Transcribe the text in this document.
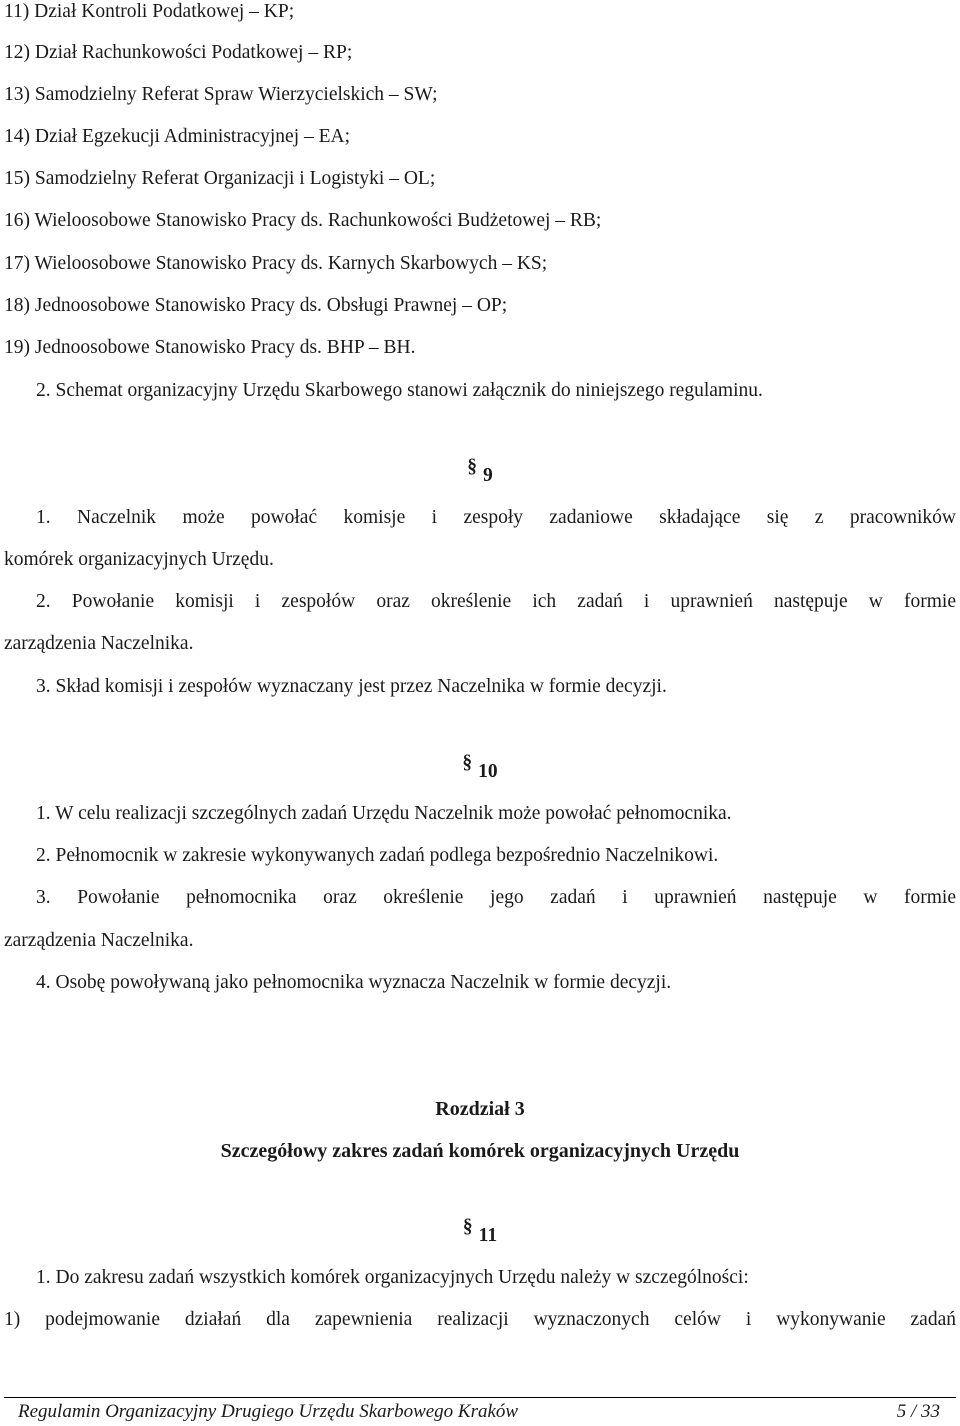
11) Dział Kontroli Podatkowej – KP;
12) Dział Rachunkowości Podatkowej – RP;
13) Samodzielny Referat Spraw Wierzycielskich – SW;
14) Dział Egzekucji Administracyjnej – EA;
15) Samodzielny Referat Organizacji i Logistyki – OL;
16) Wieloosobowe Stanowisko Pracy ds. Rachunkowości Budżetowej – RB;
17) Wieloosobowe Stanowisko Pracy ds. Karnych Skarbowych – KS;
18) Jednoosobowe Stanowisko Pracy ds. Obsługi Prawnej – OP;
19) Jednoosobowe Stanowisko Pracy ds. BHP – BH.
2. Schemat organizacyjny Urzędu Skarbowego stanowi załącznik do niniejszego regulaminu.
§ 9
1. Naczelnik może powołać komisje i zespoły zadaniowe składające się z pracowników
komórek organizacyjnych Urzędu.
2. Powołanie komisji i zespołów oraz określenie ich zadań i uprawnień następuje w formie
zarządzenia Naczelnika.
3. Skład komisji i zespołów wyznaczany jest przez Naczelnika w formie decyzji.
§ 10
1. W celu realizacji szczególnych zadań Urzędu Naczelnik może powołać pełnomocnika.
2. Pełnomocnik w zakresie wykonywanych zadań podlega bezpośrednio Naczelnikowi.
3. Powołanie pełnomocnika oraz określenie jego zadań i uprawnień następuje w formie
zarządzenia Naczelnika.
4. Osobę powoływaną jako pełnomocnika wyznacza Naczelnik w formie decyzji.
Rozdział 3
Szczegółowy zakres zadań komórek organizacyjnych Urzędu
§ 11
1. Do zakresu zadań wszystkich komórek organizacyjnych Urzędu należy w szczególności:
1) podejmowanie działań dla zapewnienia realizacji wyznaczonych celów i wykonywanie zadań
Regulamin Organizacyjny Drugiego Urzędu Skarbowego Kraków	5 / 33
